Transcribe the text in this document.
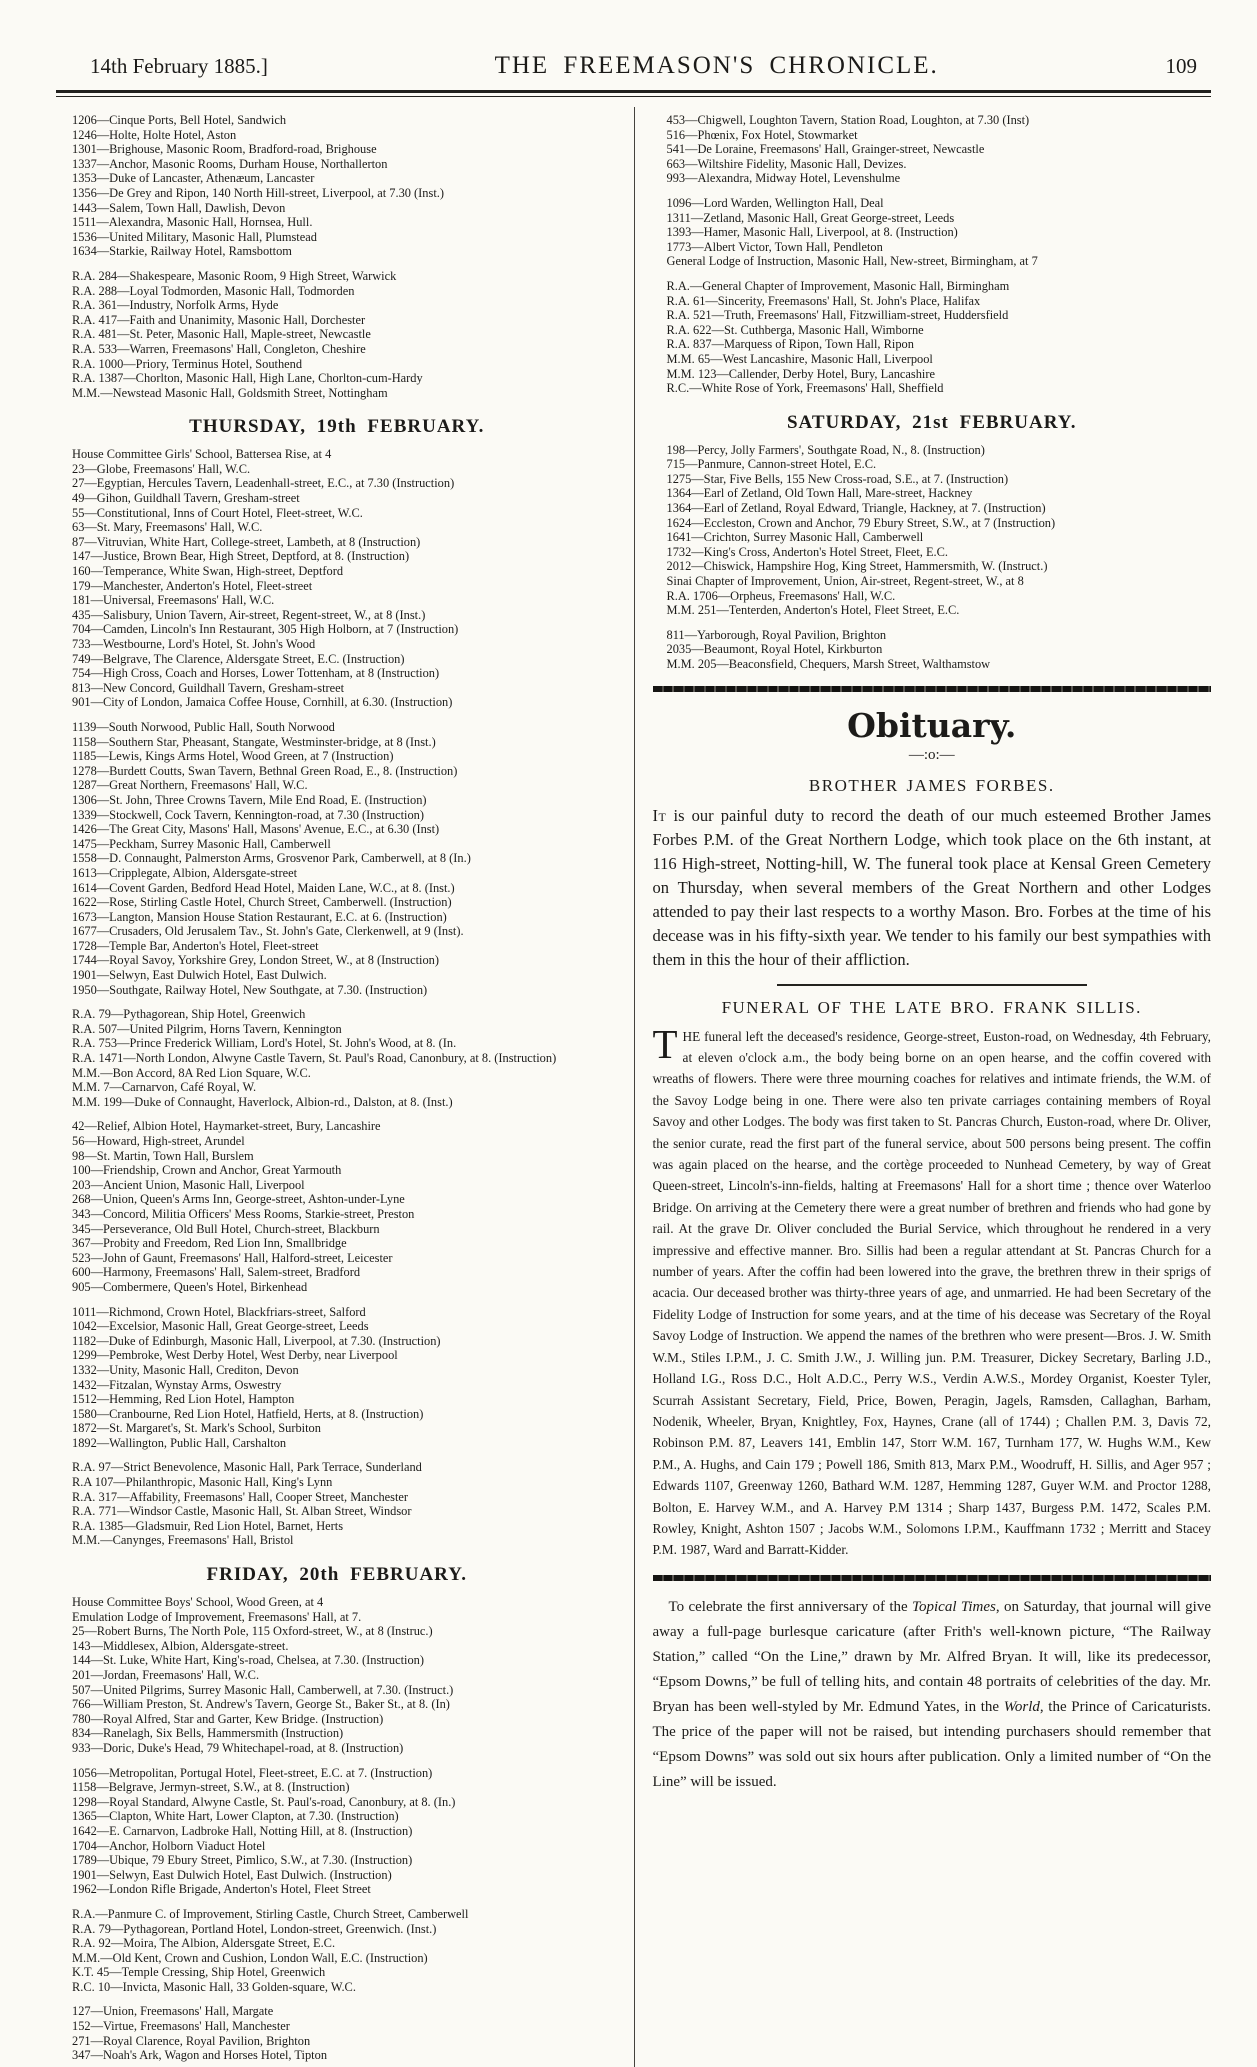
14th February 1885.]	THE FREEMASON'S CHRONICLE.	109
1206—Cinque Ports, Bell Hotel, Sandwich
1246—Holte, Holte Hotel, Aston
1301—Brighouse, Masonic Room, Bradford-road, Brighouse
1337—Anchor, Masonic Rooms, Durham House, Northallerton
1353—Duke of Lancaster, Athenæum, Lancaster
1356—De Grey and Ripon, 140 North Hill-street, Liverpool, at 7.30 (Inst.)
1443—Salem, Town Hall, Dawlish, Devon
1511—Alexandra, Masonic Hall, Hornsea, Hull.
1536—United Military, Masonic Hall, Plumstead
1634—Starkie, Railway Hotel, Ramsbottom
R.A. 284—Shakespeare, Masonic Room, 9 High Street, Warwick
R.A. 288—Loyal Todmorden, Masonic Hall, Todmorden
R.A. 361—Industry, Norfolk Arms, Hyde
R.A. 417—Faith and Unanimity, Masonic Hall, Dorchester
R.A. 481—St. Peter, Masonic Hall, Maple-street, Newcastle
R.A. 533—Warren, Freemasons' Hall, Congleton, Cheshire
R.A. 1000—Priory, Terminus Hotel, Southend
R.A. 1387—Chorlton, Masonic Hall, High Lane, Chorlton-cum-Hardy
M.M.—Newstead Masonic Hall, Goldsmith Street, Nottingham
THURSDAY, 19th FEBRUARY.
House Committee Girls' School, Battersea Rise, at 4
23—Globe, Freemasons' Hall, W.C.
27—Egyptian, Hercules Tavern, Leadenhall-street, E.C., at 7.30 (Instruction)
49—Gihon, Guildhall Tavern, Gresham-street
55—Constitutional, Inns of Court Hotel, Fleet-street, W.C.
63—St. Mary, Freemasons' Hall, W.C.
87—Vitruvian, White Hart, College-street, Lambeth, at 8 (Instruction)
147—Justice, Brown Bear, High Street, Deptford, at 8. (Instruction)
160—Temperance, White Swan, High-street, Deptford
179—Manchester, Anderton's Hotel, Fleet-street
181—Universal, Freemasons' Hall, W.C.
435—Salisbury, Union Tavern, Air-street, Regent-street, W., at 8 (Inst.)
704—Camden, Lincoln's Inn Restaurant, 305 High Holborn, at 7 (Instruction)
733—Westbourne, Lord's Hotel, St. John's Wood
749—Belgrave, The Clarence, Aldersgate Street, E.C. (Instruction)
754—High Cross, Coach and Horses, Lower Tottenham, at 8 (Instruction)
813—New Concord, Guildhall Tavern, Gresham-street
901—City of London, Jamaica Coffee House, Cornhill, at 6.30. (Instruction)
1139—South Norwood, Public Hall, South Norwood
1158—Southern Star, Pheasant, Stangate, Westminster-bridge, at 8 (Inst.)
1185—Lewis, Kings Arms Hotel, Wood Green, at 7 (Instruction)
1278—Burdett Coutts, Swan Tavern, Bethnal Green Road, E., 8. (Instruction)
1287—Great Northern, Freemasons' Hall, W.C.
1306—St. John, Three Crowns Tavern, Mile End Road, E. (Instruction)
1339—Stockwell, Cock Tavern, Kennington-road, at 7.30 (Instruction)
1426—The Great City, Masons' Hall, Masons' Avenue, E.C., at 6.30 (Inst)
1475—Peckham, Surrey Masonic Hall, Camberwell
1558—D. Connaught, Palmerston Arms, Grosvenor Park, Camberwell, at 8 (In.)
1613—Cripplegate, Albion, Aldersgate-street
1614—Covent Garden, Bedford Head Hotel, Maiden Lane, W.C., at 8. (Inst.)
1622—Rose, Stirling Castle Hotel, Church Street, Camberwell. (Instruction)
1673—Langton, Mansion House Station Restaurant, E.C. at 6. (Instruction)
1677—Crusaders, Old Jerusalem Tav., St. John's Gate, Clerkenwell, at 9 (Inst).
1728—Temple Bar, Anderton's Hotel, Fleet-street
1744—Royal Savoy, Yorkshire Grey, London Street, W., at 8 (Instruction)
1901—Selwyn, East Dulwich Hotel, East Dulwich.
1950—Southgate, Railway Hotel, New Southgate, at 7.30. (Instruction)
R.A. 79—Pythagorean, Ship Hotel, Greenwich
R.A. 507—United Pilgrim, Horns Tavern, Kennington
R.A. 753—Prince Frederick William, Lord's Hotel, St. John's Wood, at 8. (In.
R.A. 1471—North London, Alwyne Castle Tavern, St. Paul's Road, Canonbury, at 8. (Instruction)
M.M.—Bon Accord, 8A Red Lion Square, W.C.
M.M. 7—Carnarvon, Café Royal, W.
M.M. 199—Duke of Connaught, Haverlock, Albion-rd., Dalston, at 8. (Inst.)
42—Relief, Albion Hotel, Haymarket-street, Bury, Lancashire
56—Howard, High-street, Arundel
98—St. Martin, Town Hall, Burslem
100—Friendship, Crown and Anchor, Great Yarmouth
203—Ancient Union, Masonic Hall, Liverpool
268—Union, Queen's Arms Inn, George-street, Ashton-under-Lyne
343—Concord, Militia Officers' Mess Rooms, Starkie-street, Preston
345—Perseverance, Old Bull Hotel, Church-street, Blackburn
367—Probity and Freedom, Red Lion Inn, Smallbridge
523—John of Gaunt, Freemasons' Hall, Halford-street, Leicester
600—Harmony, Freemasons' Hall, Salem-street, Bradford
905—Combermere, Queen's Hotel, Birkenhead
1011—Richmond, Crown Hotel, Blackfriars-street, Salford
1042—Excelsior, Masonic Hall, Great George-street, Leeds
1182—Duke of Edinburgh, Masonic Hall, Liverpool, at 7.30. (Instruction)
1299—Pembroke, West Derby Hotel, West Derby, near Liverpool
1332—Unity, Masonic Hall, Crediton, Devon
1432—Fitzalan, Wynstay Arms, Oswestry
1512—Hemming, Red Lion Hotel, Hampton
1580—Cranbourne, Red Lion Hotel, Hatfield, Herts, at 8. (Instruction)
1872—St. Margaret's, St. Mark's School, Surbiton
1892—Wallington, Public Hall, Carshalton
R.A. 97—Strict Benevolence, Masonic Hall, Park Terrace, Sunderland
R.A 107—Philanthropic, Masonic Hall, King's Lynn
R.A. 317—Affability, Freemasons' Hall, Cooper Street, Manchester
R.A. 771—Windsor Castle, Masonic Hall, St. Alban Street, Windsor
R.A. 1385—Gladsmuir, Red Lion Hotel, Barnet, Herts
M.M.—Canynges, Freemasons' Hall, Bristol
FRIDAY, 20th FEBRUARY.
House Committee Boys' School, Wood Green, at 4
Emulation Lodge of Improvement, Freemasons' Hall, at 7.
25—Robert Burns, The North Pole, 115 Oxford-street, W., at 8 (Instruc.)
143—Middlesex, Albion, Aldersgate-street.
144—St. Luke, White Hart, King's-road, Chelsea, at 7.30. (Instruction)
201—Jordan, Freemasons' Hall, W.C.
507—United Pilgrims, Surrey Masonic Hall, Camberwell, at 7.30. (Instruct.)
766—William Preston, St. Andrew's Tavern, George St., Baker St., at 8. (In)
780—Royal Alfred, Star and Garter, Kew Bridge. (Instruction)
834—Ranelagh, Six Bells, Hammersmith (Instruction)
933—Doric, Duke's Head, 79 Whitechapel-road, at 8. (Instruction)
1056—Metropolitan, Portugal Hotel, Fleet-street, E.C. at 7. (Instruction)
1158—Belgrave, Jermyn-street, S.W., at 8. (Instruction)
1298—Royal Standard, Alwyne Castle, St. Paul's-road, Canonbury, at 8. (In.)
1365—Clapton, White Hart, Lower Clapton, at 7.30. (Instruction)
1642—E. Carnarvon, Ladbroke Hall, Notting Hill, at 8. (Instruction)
1704—Anchor, Holborn Viaduct Hotel
1789—Ubique, 79 Ebury Street, Pimlico, S.W., at 7.30. (Instruction)
1901—Selwyn, East Dulwich Hotel, East Dulwich. (Instruction)
1962—London Rifle Brigade, Anderton's Hotel, Fleet Street
R.A.—Panmure C. of Improvement, Stirling Castle, Church Street, Camberwell
R.A. 79—Pythagorean, Portland Hotel, London-street, Greenwich. (Inst.)
R.A. 92—Moira, The Albion, Aldersgate Street, E.C.
M.M.—Old Kent, Crown and Cushion, London Wall, E.C. (Instruction)
K.T. 45—Temple Cressing, Ship Hotel, Greenwich
R.C. 10—Invicta, Masonic Hall, 33 Golden-square, W.C.
127—Union, Freemasons' Hall, Margate
152—Virtue, Freemasons' Hall, Manchester
271—Royal Clarence, Royal Pavilion, Brighton
347—Noah's Ark, Wagon and Horses Hotel, Tipton
453—Chigwell, Loughton Tavern, Station Road, Loughton, at 7.30 (Inst)
516—Phœnix, Fox Hotel, Stowmarket
541—De Loraine, Freemasons' Hall, Grainger-street, Newcastle
663—Wiltshire Fidelity, Masonic Hall, Devizes.
993—Alexandra, Midway Hotel, Levenshulme
1096—Lord Warden, Wellington Hall, Deal
1311—Zetland, Masonic Hall, Great George-street, Leeds
1393—Hamer, Masonic Hall, Liverpool, at 8. (Instruction)
1773—Albert Victor, Town Hall, Pendleton
General Lodge of Instruction, Masonic Hall, New-street, Birmingham, at 7
R.A.—General Chapter of Improvement, Masonic Hall, Birmingham
R.A. 61—Sincerity, Freemasons' Hall, St. John's Place, Halifax
R.A. 521—Truth, Freemasons' Hall, Fitzwilliam-street, Huddersfield
R.A. 622—St. Cuthberga, Masonic Hall, Wimborne
R.A. 837—Marquess of Ripon, Town Hall, Ripon
M.M. 65—West Lancashire, Masonic Hall, Liverpool
M.M. 123—Callender, Derby Hotel, Bury, Lancashire
R.C.—White Rose of York, Freemasons' Hall, Sheffield
SATURDAY, 21st FEBRUARY.
198—Percy, Jolly Farmers', Southgate Road, N., 8. (Instruction)
715—Panmure, Cannon-street Hotel, E.C.
1275—Star, Five Bells, 155 New Cross-road, S.E., at 7. (Instruction)
1364—Earl of Zetland, Old Town Hall, Mare-street, Hackney
1364—Earl of Zetland, Royal Edward, Triangle, Hackney, at 7. (Instruction)
1624—Eccleston, Crown and Anchor, 79 Ebury Street, S.W., at 7 (Instruction)
1641—Crichton, Surrey Masonic Hall, Camberwell
1732—King's Cross, Anderton's Hotel Street, Fleet, E.C.
2012—Chiswick, Hampshire Hog, King Street, Hammersmith, W. (Instruct.)
Sinai Chapter of Improvement, Union, Air-street, Regent-street, W., at 8
R.A. 1706—Orpheus, Freemasons' Hall, W.C.
M.M. 251—Tenterden, Anderton's Hotel, Fleet Street, E.C.
811—Yarborough, Royal Pavilion, Brighton
2035—Beaumont, Royal Hotel, Kirkburton
M.M. 205—Beaconsfield, Chequers, Marsh Street, Walthamstow
Obituary.
—:o:—
BROTHER JAMES FORBES.

It is our painful duty to record the death of our much esteemed Brother James Forbes P.M. of the Great Northern Lodge, which took place on the 6th instant, at 116 High-street, Notting-hill, W. The funeral took place at Kensal Green Cemetery on Thursday, when several members of the Great Northern and other Lodges attended to pay their last respects to a worthy Mason. Bro. Forbes at the time of his decease was in his fifty-sixth year. We tender to his family our best sympathies with them in this the hour of their affliction.

FUNERAL OF THE LATE BRO. FRANK SILLIS.

THE funeral left the deceased's residence, George-street, Euston-road, on Wednesday, 4th February, at eleven o'clock a.m., the body being borne on an open hearse, and the coffin covered with wreaths of flowers. There were three mourning coaches for relatives and intimate friends, the W.M. of the Savoy Lodge being in one. There were also ten private carriages containing members of Royal Savoy and other Lodges. The body was first taken to St. Pancras Church, Euston-road, where Dr. Oliver, the senior curate, read the first part of the funeral service, about 500 persons being present. The coffin was again placed on the hearse, and the cortège proceeded to Nunhead Cemetery, by way of Great Queen-street, Lincoln's-inn-fields, halting at Freemasons' Hall for a short time ; thence over Waterloo Bridge. On arriving at the Cemetery there were a great number of brethren and friends who had gone by rail. At the grave Dr. Oliver concluded the Burial Service, which throughout he rendered in a very impressive and effective manner. Bro. Sillis had been a regular attendant at St. Pancras Church for a number of years. After the coffin had been lowered into the grave, the brethren threw in their sprigs of acacia. Our deceased brother was thirty-three years of age, and unmarried. He had been Secretary of the Fidelity Lodge of Instruction for some years, and at the time of his decease was Secretary of the Royal Savoy Lodge of Instruction. We append the names of the brethren who were present—Bros. J. W. Smith W.M., Stiles I.P.M., J. C. Smith J.W., J. Willing jun. P.M. Treasurer, Dickey Secretary, Barling J.D., Holland I.G., Ross D.C., Holt A.D.C., Perry W.S., Verdin A.W.S., Mordey Organist, Koester Tyler, Scurrah Assistant Secretary, Field, Price, Bowen, Peragin, Jagels, Ramsden, Callaghan, Barham, Nodenik, Wheeler, Bryan, Knightley, Fox, Haynes, Crane (all of 1744) ; Challen P.M. 3, Davis 72, Robinson P.M. 87, Leavers 141, Emblin 147, Storr W.M. 167, Turnham 177, W. Hughs W.M., Kew P.M., A. Hughs, and Cain 179 ; Powell 186, Smith 813, Marx P.M., Woodruff, H. Sillis, and Ager 957 ; Edwards 1107, Greenway 1260, Bathard W.M. 1287, Hemming 1287, Guyer W.M. and Proctor 1288, Bolton, E. Harvey W.M., and A. Harvey P.M 1314 ; Sharp 1437, Burgess P.M. 1472, Scales P.M. Rowley, Knight, Ashton 1507 ; Jacobs W.M., Solomons I.P.M., Kauffmann 1732 ; Merritt and Stacey P.M. 1987, Ward and Barratt-Kidder.

To celebrate the first anniversary of the Topical Times, on Saturday, that journal will give away a full-page burlesque caricature (after Frith's well-known picture, “The Railway Station,” called “On the Line,” drawn by Mr. Alfred Bryan. It will, like its predecessor, “Epsom Downs,” be full of telling hits, and contain 48 portraits of celebrities of the day. Mr. Bryan has been well-styled by Mr. Edmund Yates, in the World, the Prince of Caricaturists. The price of the paper will not be raised, but intending purchasers should remember that “Epsom Downs” was sold out six hours after publication. Only a limited number of “On the Line” will be issued.
